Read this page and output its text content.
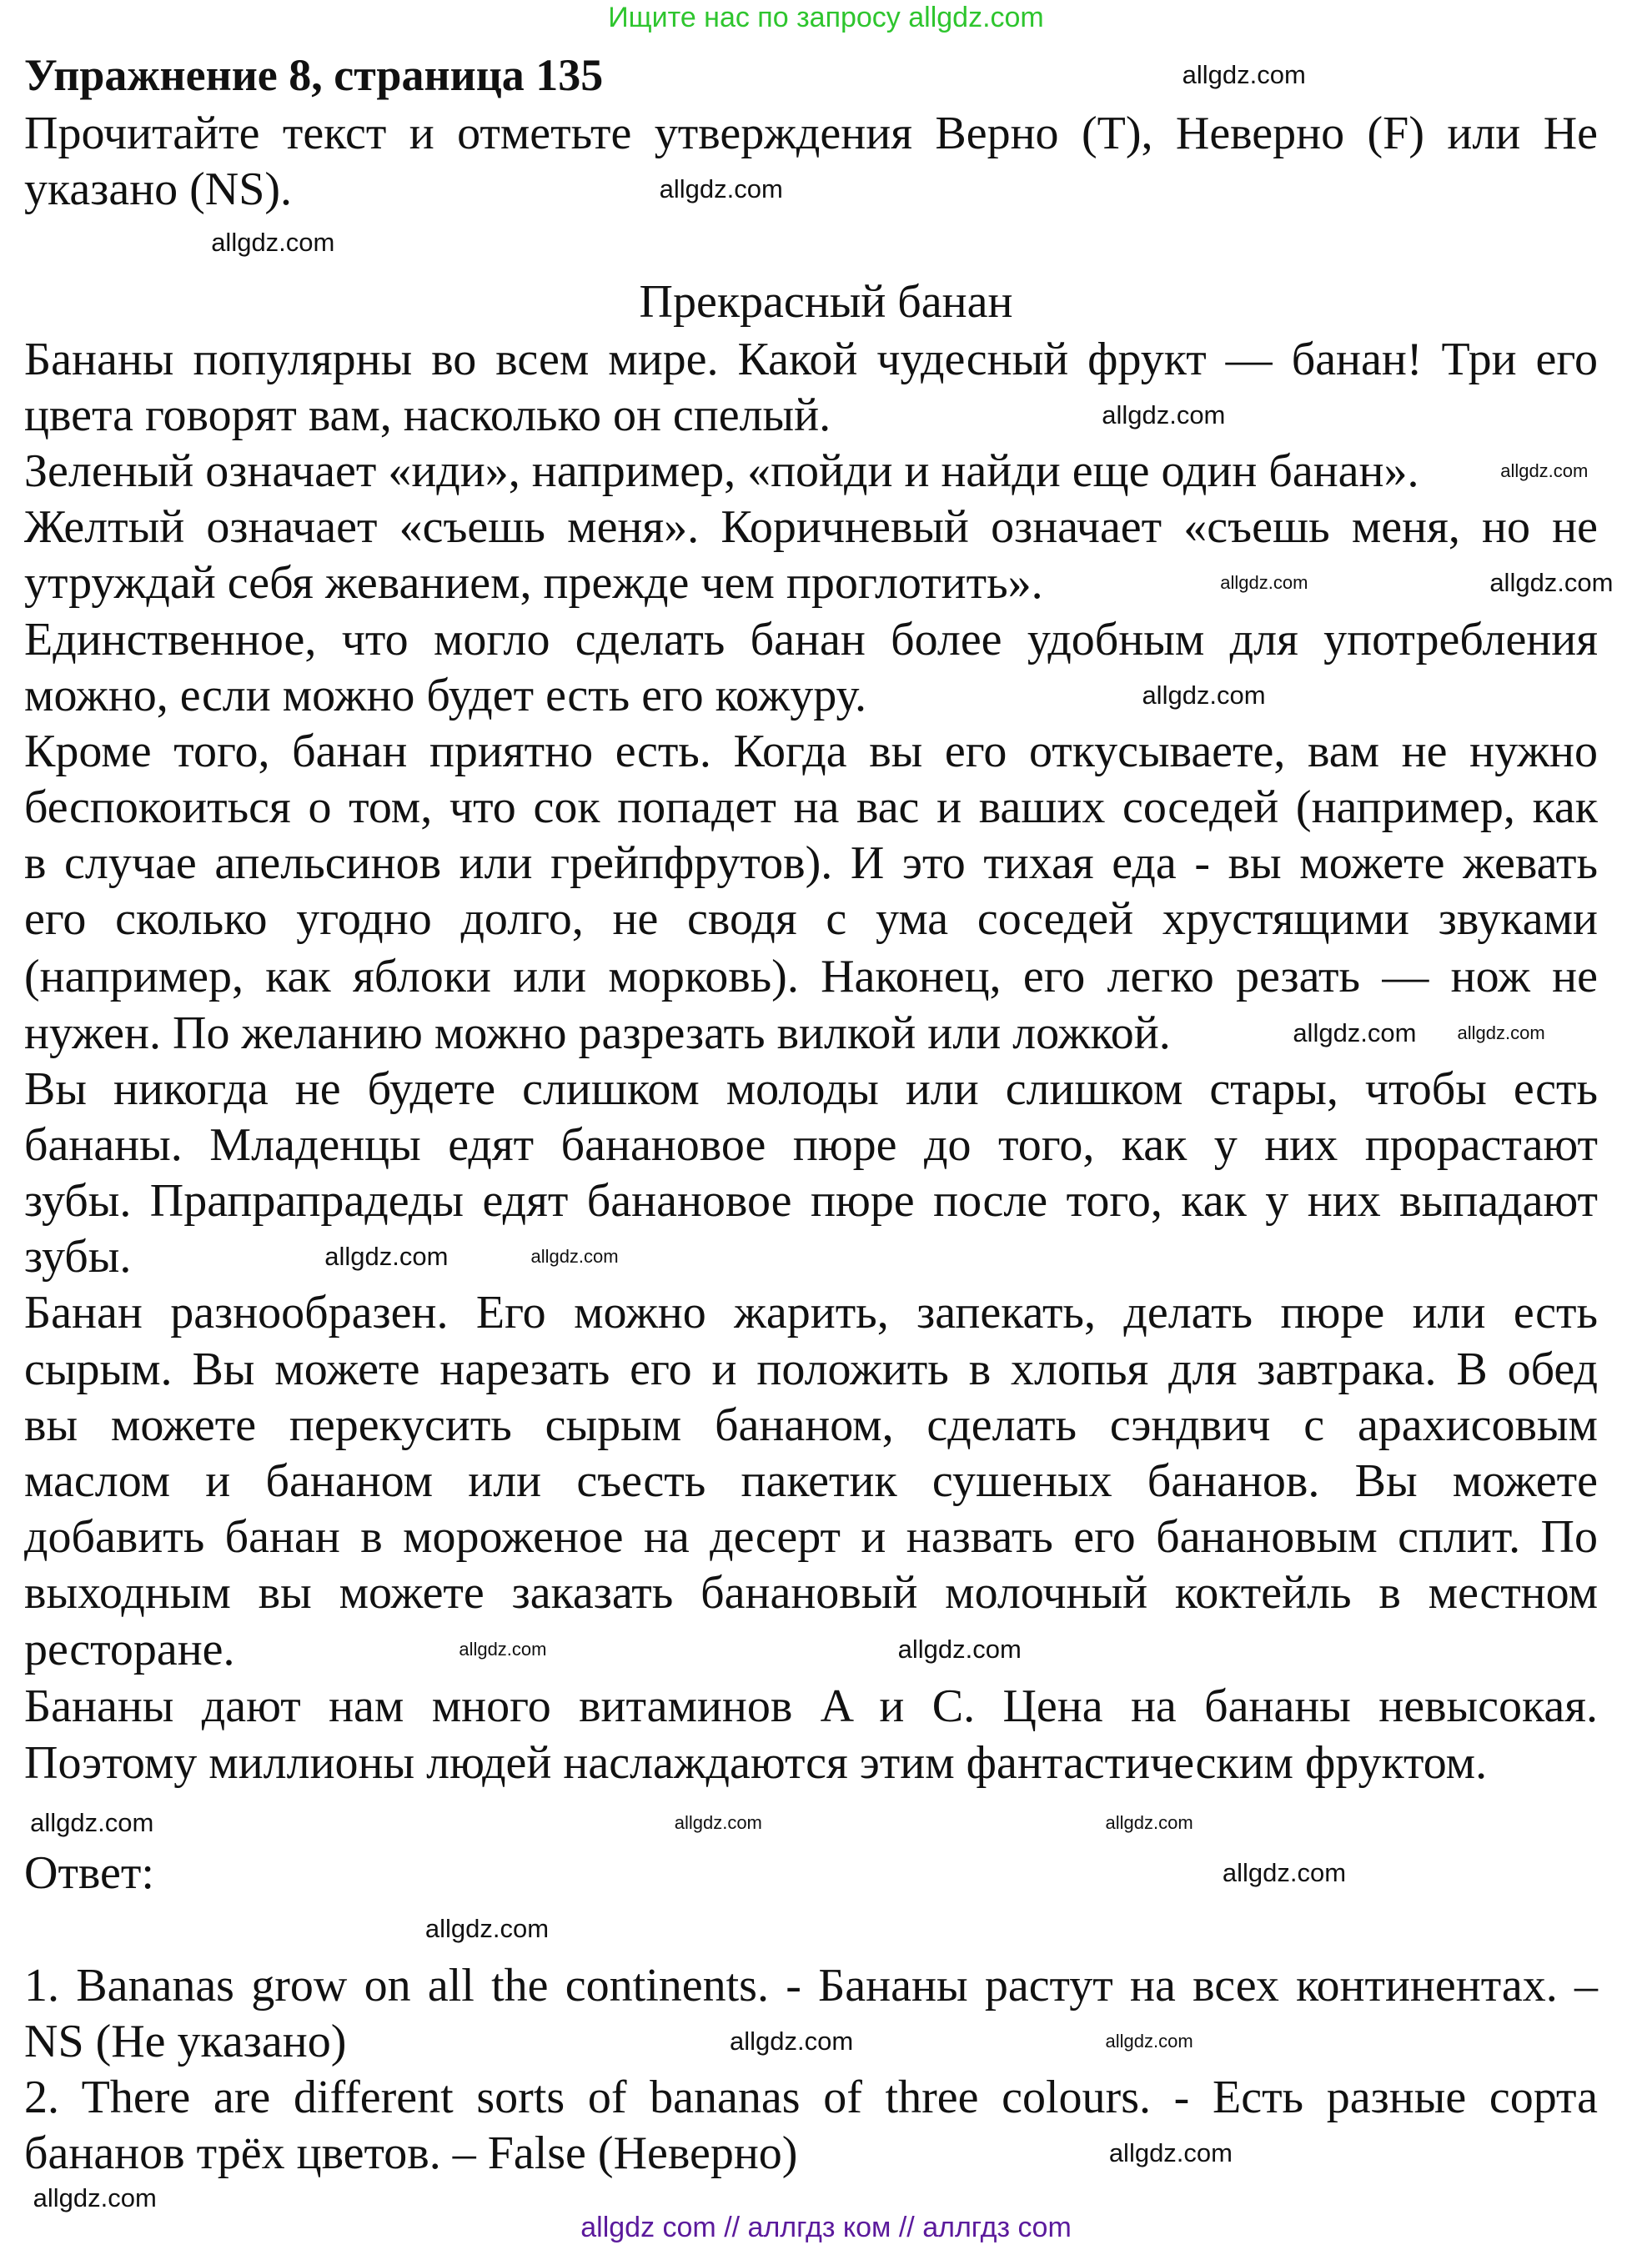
Ищите нас по запросу allgdz.com
Упражнение 8, страница 135
Прочитайте текст и отметьте утверждения Верно (T), Неверно (F) или Не
указано (NS).
Прекрасный банан
Бананы популярны во всем мире. Какой чудесный фрукт — банан! Три его
цвета говорят вам, насколько он спелый.
Зеленый означает «иди», например, «пойди и найди еще один банан».
Желтый означает «съешь меня». Коричневый означает «съешь меня, но не
утруждай себя жеванием, прежде чем проглотить».
Единственное, что могло сделать банан более удобным для употребления
можно, если можно будет есть его кожуру.
Кроме того, банан приятно есть. Когда вы его откусываете, вам не нужно
беспокоиться о том, что сок попадет на вас и ваших соседей (например, как
в случае апельсинов или грейпфрутов). И это тихая еда - вы можете жевать
его сколько угодно долго, не сводя с ума соседей хрустящими звуками
(например, как яблоки или морковь). Наконец, его легко резать — нож не
нужен. По желанию можно разрезать вилкой или ложкой.
Вы никогда не будете слишком молоды или слишком стары, чтобы есть
бананы. Младенцы едят банановое пюре до того, как у них прорастают
зубы. Прапрапрадеды едят банановое пюре после того, как у них выпадают
зубы.
Банан разнообразен. Его можно жарить, запекать, делать пюре или есть
сырым. Вы можете нарезать его и положить в хлопья для завтрака. В обед
вы можете перекусить сырым бананом, сделать сэндвич с арахисовым
маслом и бананом или съесть пакетик сушеных бананов. Вы можете
добавить банан в мороженое на десерт и назвать его банановым сплит. По
выходным вы можете заказать банановый молочный коктейль в местном
ресторане.
Бананы дают нам много витаминов A и C. Цена на бананы невысокая.
Поэтому миллионы людей наслаждаются этим фантастическим фруктом.
Ответ:
1. Bananas grow on all the continents. - Бананы растут на всех континентах. –
NS (Не указано)
2. There are different sorts of bananas of three colours. - Есть разные сорта
бананов трёх цветов. – False (Неверно)
allgdz.com
allgdz.com
allgdz.com
allgdz.com
allgdz.com
allgdz.com
allgdz.com
allgdz.com
allgdz.com allgdz.com
allgdz.com	allgdz.com
allgdz.com
allgdz.com
allgdz.com	allgdz.com
allgdz.com
allgdz.com
allgdz.com
allgdz.com
allgdz.com
allgdz.com
allgdz.com
allgdz com // аллгдз ком // аллгдз com
